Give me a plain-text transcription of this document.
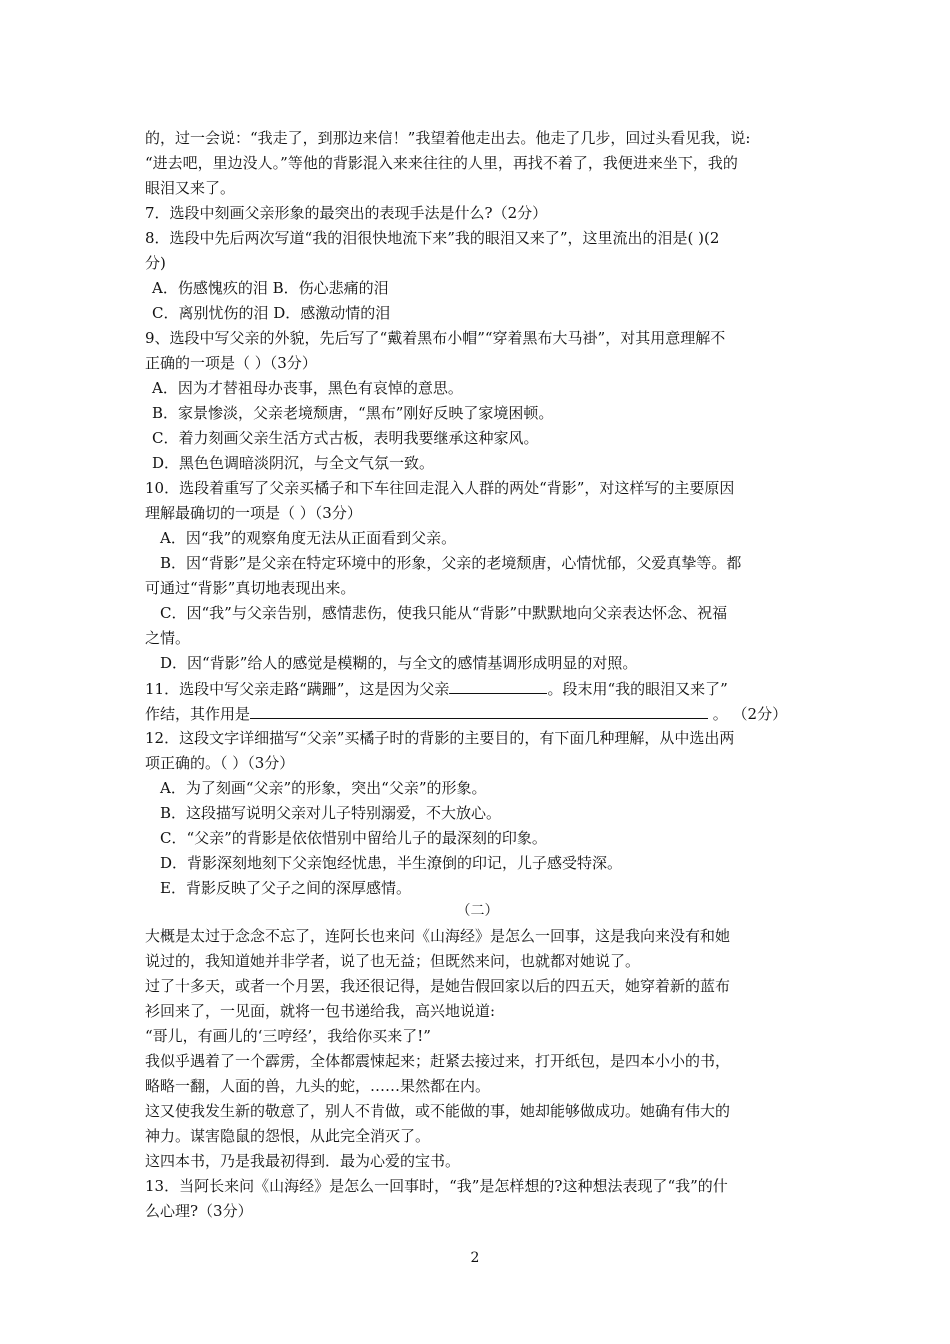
的，过一会说：“我走了，到那边来信！”我望着他走出去。他走了几步，回过头看见我，说:
“进去吧，里边没人。”等他的背影混入来来往往的人里，再找不着了，我便进来坐下，我的
眼泪又来了。
7．选段中刻画父亲形象的最突出的表现手法是什么?（2分）
8．选段中先后两次写道“我的泪很快地流下来”我的眼泪又来了”，这里流出的泪是( )(2
分)
A．伤感愧疚的泪 B．伤心悲痛的泪
C．离别忧伤的泪 D．感激动情的泪
9、选段中写父亲的外貌，先后写了“戴着黑布小帽”“穿着黑布大马褂”，对其用意理解不
正确的一项是（ ）（3分）
A．因为才替祖母办丧事，黑色有哀悼的意思。
B．家景惨淡，父亲老境颓唐，“黑布”刚好反映了家境困顿。
C．着力刻画父亲生活方式古板，表明我要继承这种家风。
D．黑色色调暗淡阴沉，与全文气氛一致。
10．选段着重写了父亲买橘子和下车往回走混入人群的两处“背影”，对这样写的主要原因
理解最确切的一项是（ ）（3分）
A．因“我”的观察角度无法从正面看到父亲。
B．因“背影”是父亲在特定环境中的形象，父亲的老境颓唐，心情忧郁，父爱真挚等。都
可通过“背影”真切地表现出来。
C．因“我”与父亲告别，感情悲伤，使我只能从“背影”中默默地向父亲表达怀念、祝福
之情。
D．因“背影”给人的感觉是模糊的，与全文的感情基调形成明显的对照。
11．选段中写父亲走路“蹒跚”，这是因为父亲	。段末用“我的眼泪又来了”
作结，其作用是	。 （2分）
12．这段文字详细描写“父亲”买橘子时的背影的主要目的，有下面几种理解，从中选出两
项正确的。（ ）（3分）
A．为了刻画“父亲”的形象，突出“父亲”的形象。
B．这段描写说明父亲对儿子特别溺爱，不大放心。
C．“父亲”的背影是依依惜别中留给儿子的最深刻的印象。
D．背影深刻地刻下父亲饱经忧患，半生潦倒的印记，儿子感受特深。
E．背影反映了父子之间的深厚感情。
（二）
大概是太过于念念不忘了，连阿长也来问《山海经》是怎么一回事，这是我向来没有和她
说过的，我知道她并非学者，说了也无益；但既然来问，也就都对她说了。
过了十多天，或者一个月罢，我还很记得，是她告假回家以后的四五天，她穿着新的蓝布
衫回来了，一见面，就将一包书递给我，高兴地说道:
“哥儿，有画儿的‘三哼经’，我给你买来了!”
我似乎遇着了一个霹雳，全体都震悚起来；赶紧去接过来，打开纸包，是四本小小的书，
略略一翻，人面的兽，九头的蛇，……果然都在内。
这又使我发生新的敬意了，别人不肯做，或不能做的事，她却能够做成功。她确有伟大的
神力。谋害隐鼠的怨恨，从此完全消灭了。
这四本书，乃是我最初得到．最为心爱的宝书。
13．当阿长来问《山海经》是怎么一回事时，“我”是怎样想的?这种想法表现了“我”的什
么心理?（3分）
2
